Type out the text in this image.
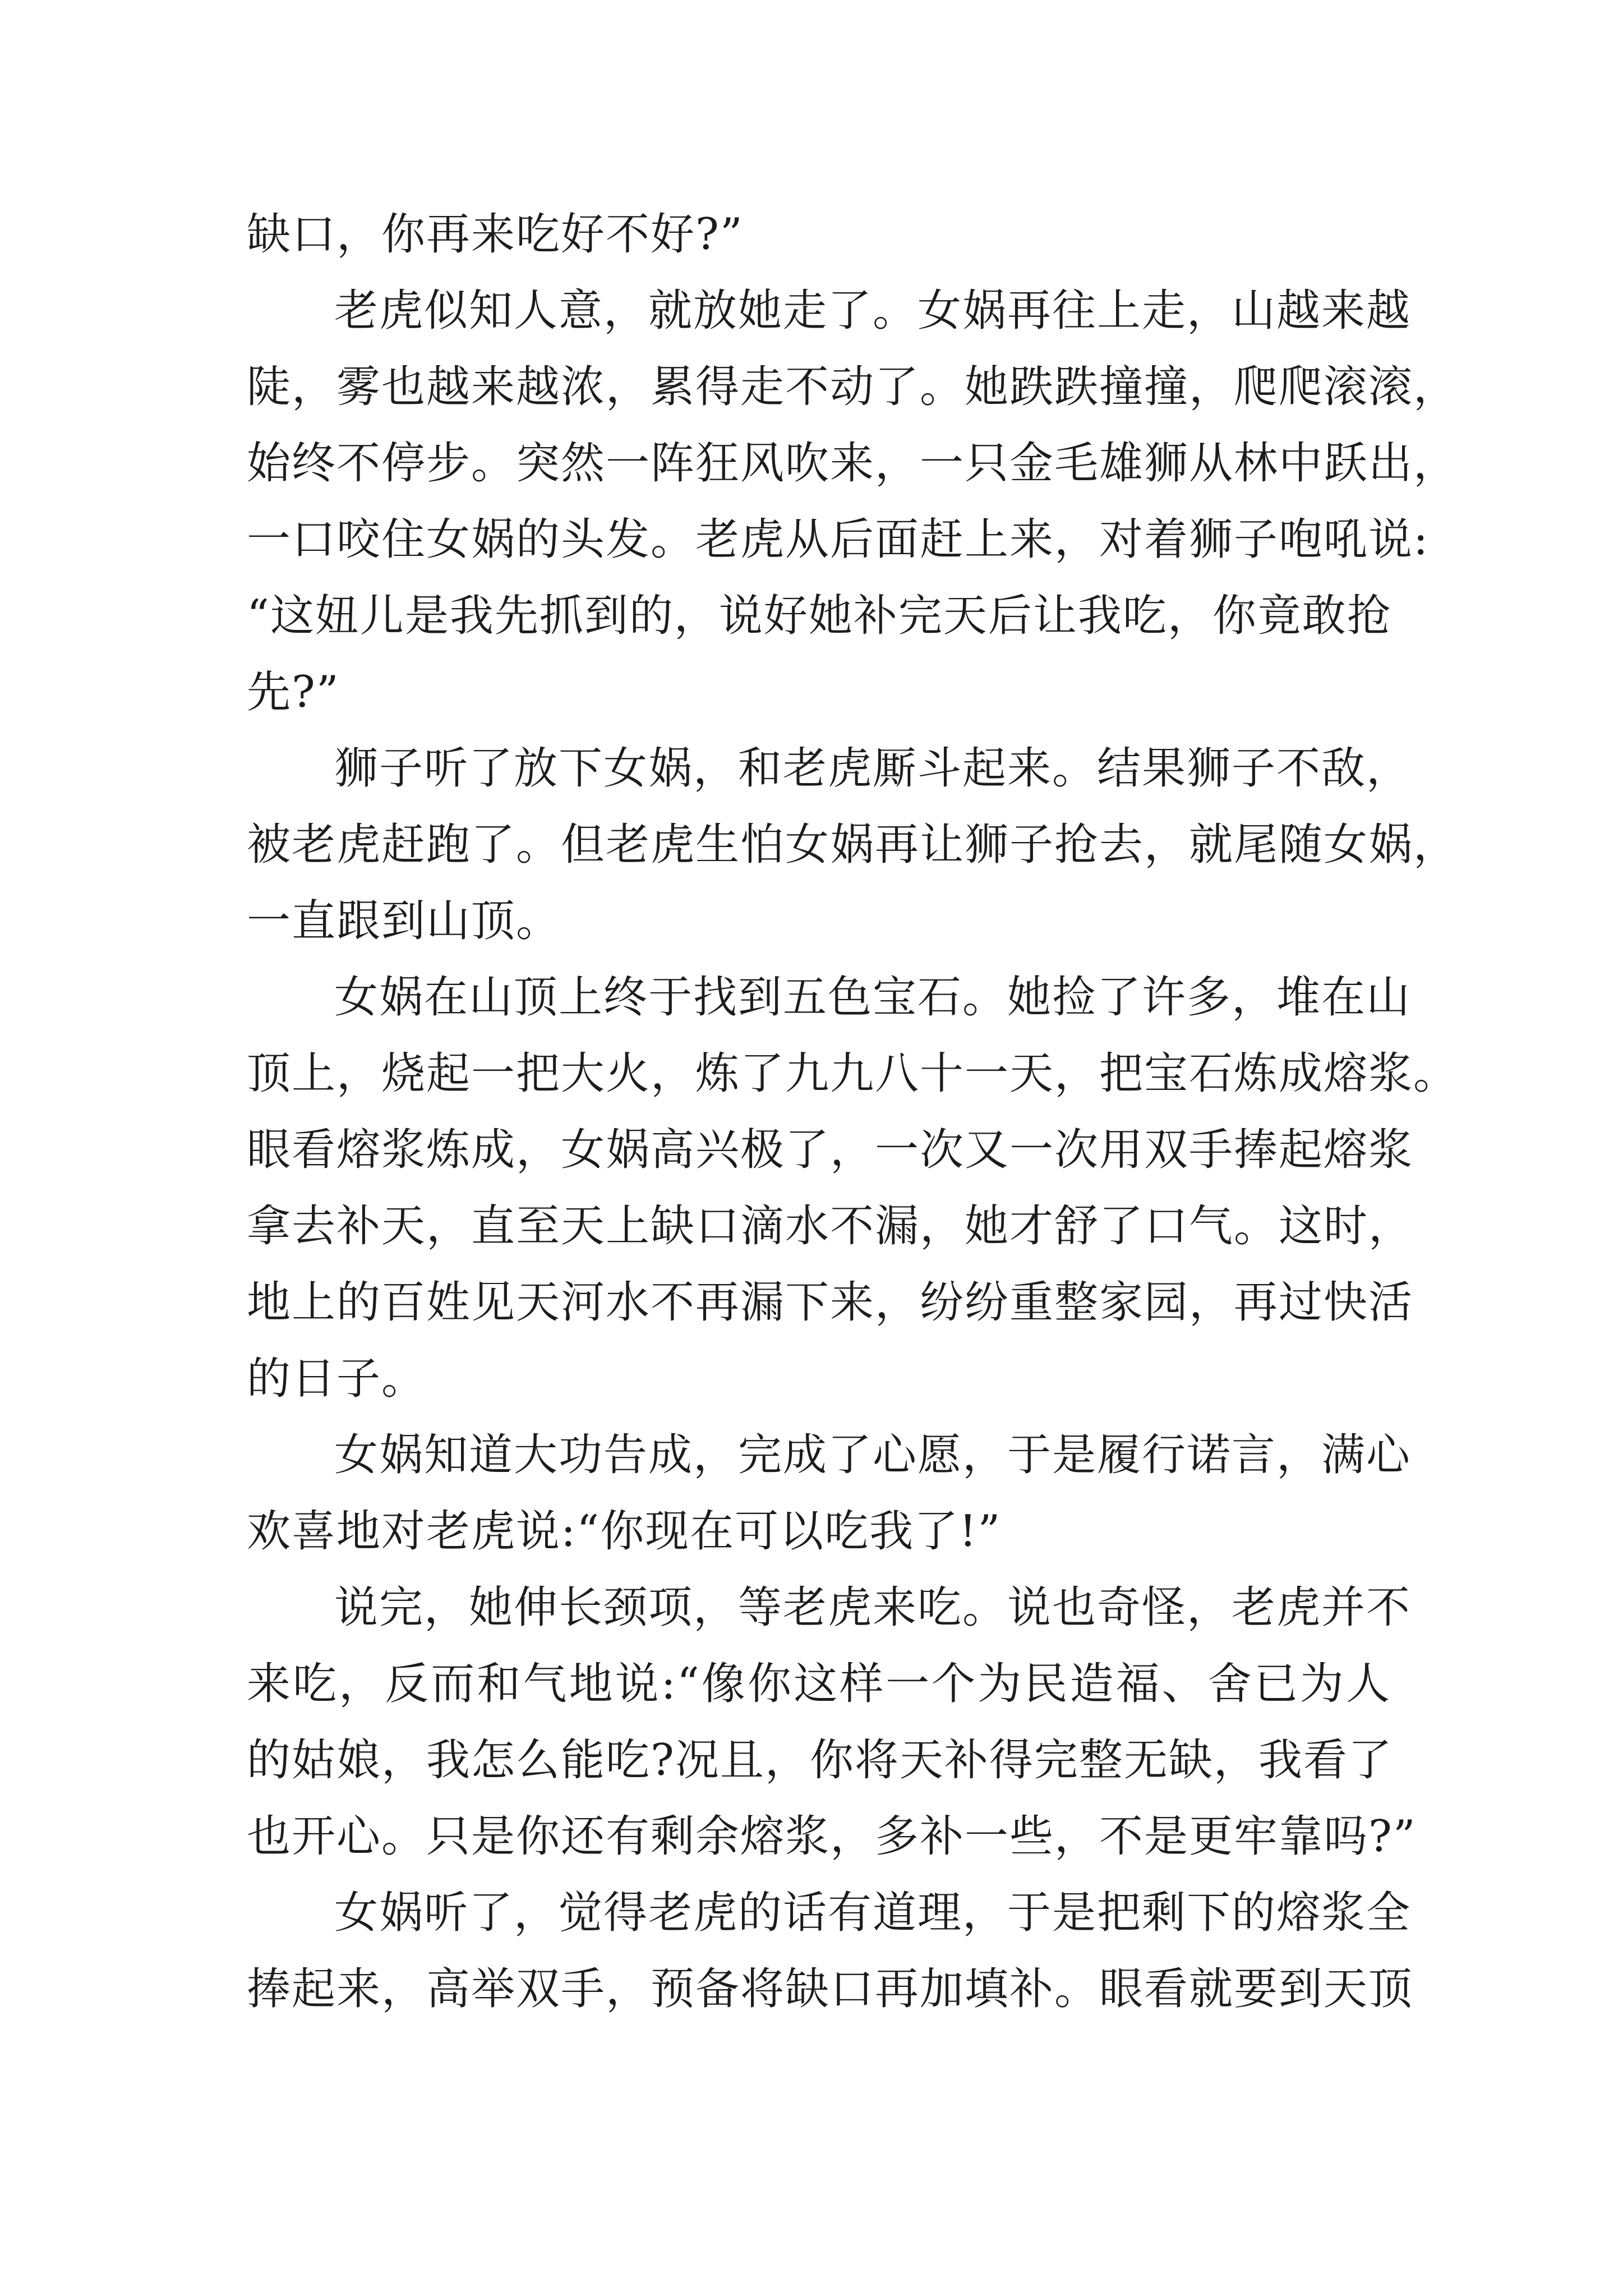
缺口，你再来吃好不好?”

老虎似知人意，就放她走了。女娲再往上走，山越来越
陡，雾也越来越浓，累得走不动了。她跌跌撞撞，爬爬滚滚，
始终不停步。突然一阵狂风吹来，一只金毛雄狮从林中跃出，
一口咬住女娲的头发。老虎从后面赶上来，对着狮子咆吼说:
“这妞儿是我先抓到的，说好她补完天后让我吃，你竟敢抢
先?”

狮子听了放下女娲，和老虎厮斗起来。结果狮子不敌，
被老虎赶跑了。但老虎生怕女娲再让狮子抢去，就尾随女娲，
一直跟到山顶。

女娲在山顶上终于找到五色宝石。她捡了许多，堆在山
顶上，烧起一把大火，炼了九九八十一天，把宝石炼成熔浆。
眼看熔浆炼成，女娲高兴极了，一次又一次用双手捧起熔浆
拿去补天，直至天上缺口滴水不漏，她才舒了口气。这时，
地上的百姓见天河水不再漏下来，纷纷重整家园，再过快活
的日子。

女娲知道大功告成，完成了心愿，于是履行诺言，满心
欢喜地对老虎说:“你现在可以吃我了!”

说完，她伸长颈项，等老虎来吃。说也奇怪，老虎并不
来吃，反而和气地说:“像你这样一个为民造福、舍已为人
的姑娘，我怎么能吃?况且，你将天补得完整无缺，我看了
也开心。只是你还有剩余熔浆，多补一些，不是更牢靠吗?”

女娲听了，觉得老虎的话有道理，于是把剩下的熔浆全
捧起来，高举双手，预备将缺口再加填补。眼看就要到天顶
